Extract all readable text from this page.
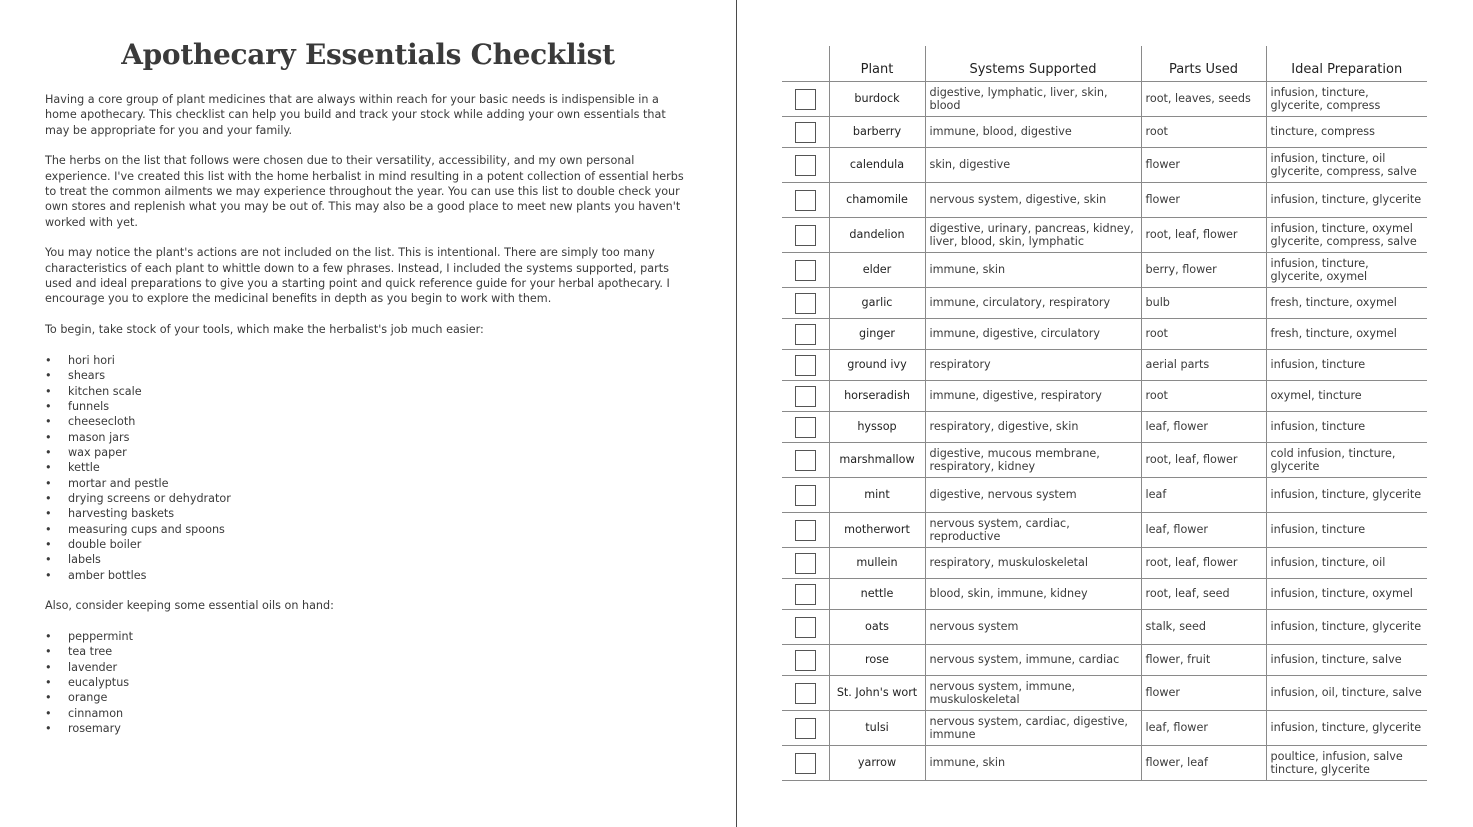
Apothecary Essentials Checklist

Having a core group of plant medicines that are always within reach for your basic needs is indispensible in a home apothecary. This checklist can help you build and track your stock while adding your own essentials that may be appropriate for you and your family.

The herbs on the list that follows were chosen due to their versatility, accessibility, and my own personal experience. I've created this list with the home herbalist in mind resulting in a potent collection of essential herbs to treat the common ailments we may experience throughout the year. You can use this list to double check your own stores and replenish what you may be out of. This may also be a good place to meet new plants you haven't worked with yet.

You may notice the plant's actions are not included on the list. This is intentional. There are simply too many characteristics of each plant to whittle down to a few phrases. Instead, I included the systems supported, parts used and ideal preparations to give you a starting point and quick reference guide for your herbal apothecary. I encourage you to explore the medicinal benefits in depth as you begin to work with them.

To begin, take stock of your tools, which make the herbalist's job much easier:

• hori hori
• shears
• kitchen scale
• funnels
• cheesecloth
• mason jars
• wax paper
• kettle
• mortar and pestle
• drying screens or dehydrator
• harvesting baskets
• measuring cups and spoons
• double boiler
• labels
• amber bottles

Also, consider keeping some essential oils on hand:

• peppermint
• tea tree
• lavender
• eucalyptus
• orange
• cinnamon
• rosemary
	Plant	Systems Supported	Parts Used	Ideal Preparation
	burdock	digestive, lymphatic, liver, skin, blood	root, leaves, seeds	infusion, tincture, glycerite, compress
	barberry	immune, blood, digestive	root	tincture, compress
	calendula	skin, digestive	flower	infusion, tincture, oil glycerite, compress, salve
	chamomile	nervous system, digestive, skin	flower	infusion, tincture, glycerite
	dandelion	digestive, urinary, pancreas, kidney, liver, blood, skin, lymphatic	root, leaf, flower	infusion, tincture, oxymel glycerite, compress, salve
	elder	immune, skin	berry, flower	infusion, tincture, glycerite, oxymel
	garlic	immune, circulatory, respiratory	bulb	fresh, tincture, oxymel
	ginger	immune, digestive, circulatory	root	fresh, tincture, oxymel
	ground ivy	respiratory	aerial parts	infusion, tincture
	horseradish	immune, digestive, respiratory	root	oxymel, tincture
	hyssop	respiratory, digestive, skin	leaf, flower	infusion, tincture
	marshmallow	digestive, mucous membrane, respiratory, kidney	root, leaf, flower	cold infusion, tincture, glycerite
	mint	digestive, nervous system	leaf	infusion, tincture, glycerite
	motherwort	nervous system, cardiac, reproductive	leaf, flower	infusion, tincture
	mullein	respiratory, muskuloskeletal	root, leaf, flower	infusion, tincture, oil
	nettle	blood, skin, immune, kidney	root, leaf, seed	infusion, tincture, oxymel
	oats	nervous system	stalk, seed	infusion, tincture, glycerite
	rose	nervous system, immune, cardiac	flower, fruit	infusion, tincture, salve
	St. John's wort	nervous system, immune, muskuloskeletal	flower	infusion, oil, tincture, salve
	tulsi	nervous system, cardiac, digestive, immune	leaf, flower	infusion, tincture, glycerite
	yarrow	immune, skin	flower, leaf	poultice, infusion, salve tincture, glycerite
